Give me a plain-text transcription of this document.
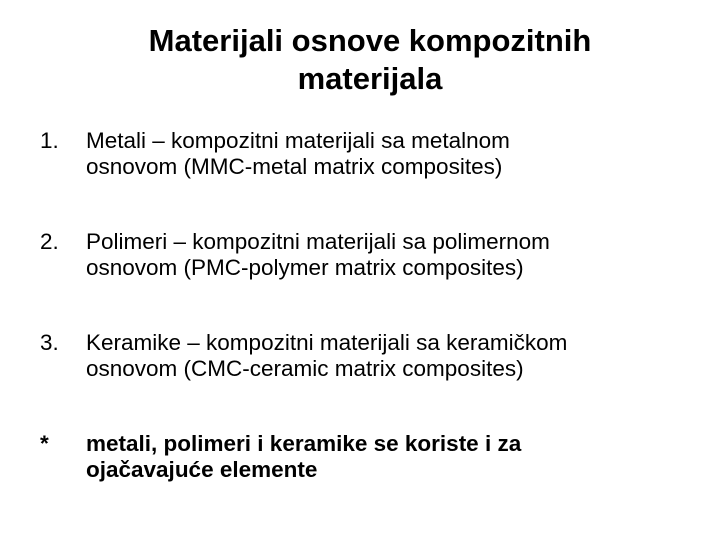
Materijali osnove kompozitnih
materijala
1. Metali – kompozitni materijali sa metalnom
osnovom (MMC-metal matrix composites)
2. Polimeri – kompozitni materijali sa polimernom
osnovom (PMC-polymer matrix composites)
3. Keramike – kompozitni materijali sa keramičkom
osnovom (CMC-ceramic matrix composites)
* metali, polimeri i keramike se koriste i za
ojačavajuće elemente
